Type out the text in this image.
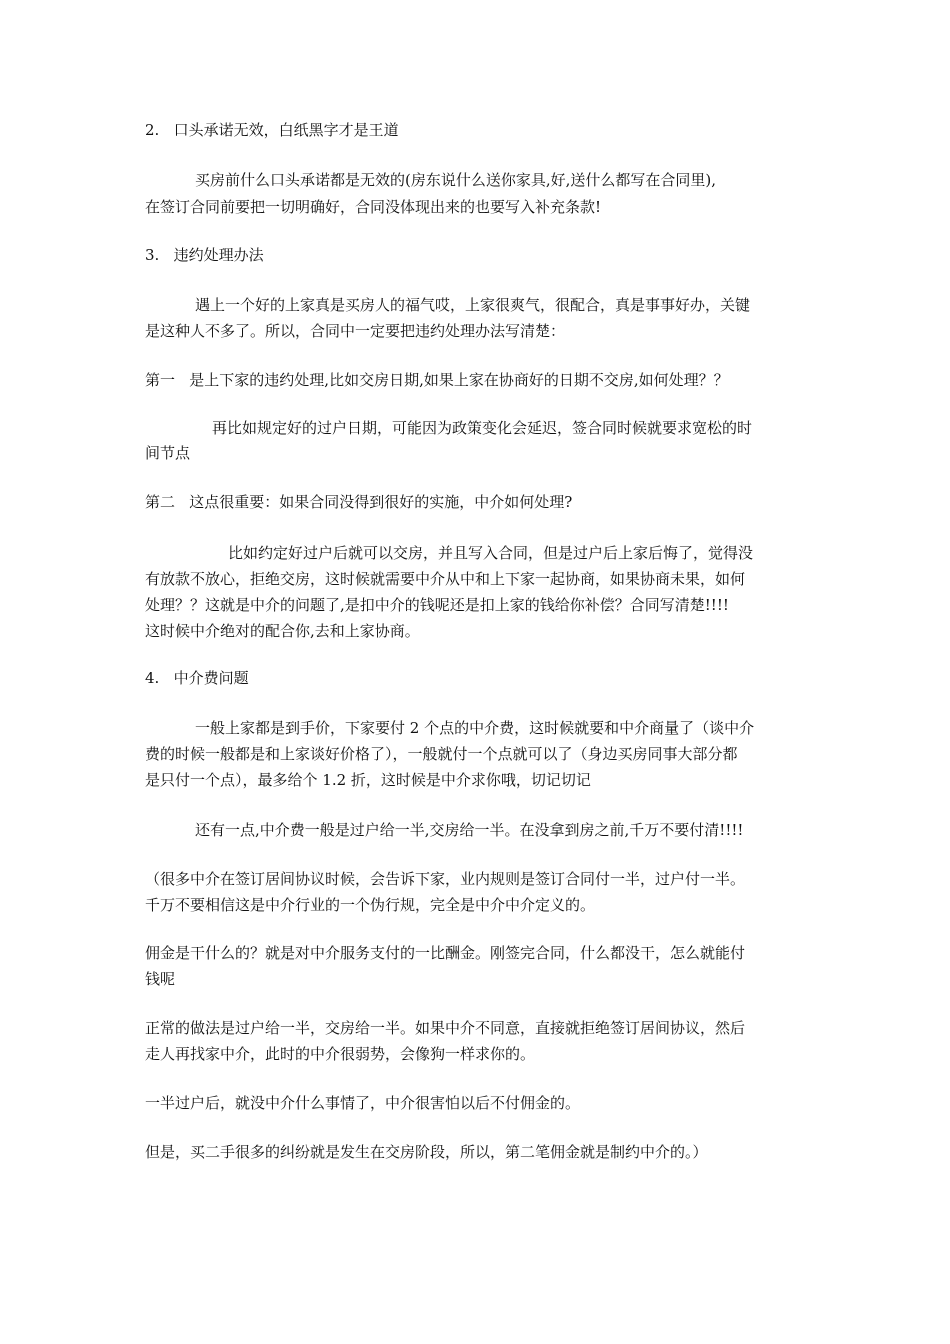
2.   口头承诺无效，白纸黑字才是王道
买房前什么口头承诺都是无效的(房东说什么送你家具,好,送什么都写在合同里),
在签订合同前要把一切明确好，合同没体现出来的也要写入补充条款!
3.   违约处理办法
遇上一个好的上家真是买房人的福气哎，上家很爽气，很配合，真是事事好办，关键
是这种人不多了。所以，合同中一定要把违约处理办法写清楚：
第一   是上下家的违约处理,比如交房日期,如果上家在协商好的日期不交房,如何处理？？
再比如规定好的过户日期，可能因为政策变化会延迟，签合同时候就要求宽松的时
间节点
第二   这点很重要：如果合同没得到很好的实施，中介如何处理?
比如约定好过户后就可以交房，并且写入合同，但是过户后上家后悔了，觉得没
有放款不放心，拒绝交房，这时候就需要中介从中和上下家一起协商，如果协商未果，如何
处理？？这就是中介的问题了,是扣中介的钱呢还是扣上家的钱给你补偿？合同写清楚!!!!
这时候中介绝对的配合你,去和上家协商。
4.   中介费问题
一般上家都是到手价，下家要付 2 个点的中介费，这时候就要和中介商量了（谈中介
费的时候一般都是和上家谈好价格了），一般就付一个点就可以了（身边买房同事大部分都
是只付一个点），最多给个 1.2 折，这时候是中介求你哦，切记切记
还有一点,中介费一般是过户给一半,交房给一半。在没拿到房之前,千万不要付清!!!!
（很多中介在签订居间协议时候，会告诉下家，业内规则是签订合同付一半，过户付一半。
千万不要相信这是中介行业的一个伪行规，完全是中介中介定义的。
佣金是干什么的？就是对中介服务支付的一比酬金。刚签完合同，什么都没干，怎么就能付
钱呢
正常的做法是过户给一半，交房给一半。如果中介不同意，直接就拒绝签订居间协议，然后
走人再找家中介，此时的中介很弱势，会像狗一样求你的。
一半过户后，就没中介什么事情了，中介很害怕以后不付佣金的。
但是，买二手很多的纠纷就是发生在交房阶段，所以，第二笔佣金就是制约中介的。）
